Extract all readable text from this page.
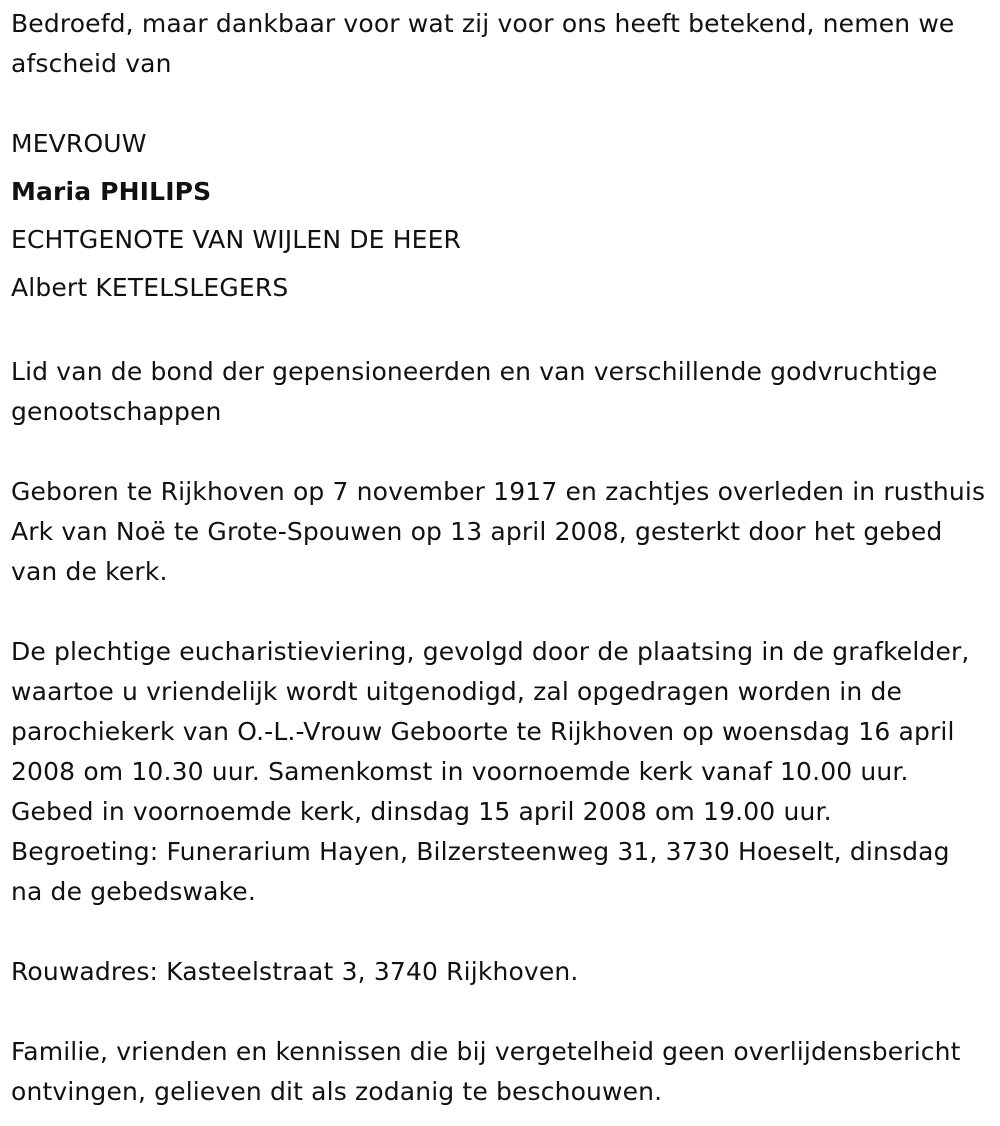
Bedroefd, maar dankbaar voor wat zij voor ons heeft betekend, nemen we afscheid van

MEVROUW

Maria PHILIPS

ECHTGENOTE VAN WIJLEN DE HEER

Albert KETELSLEGERS

Lid van de bond der gepensioneerden en van verschillende godvruchtige genootschappen

Geboren te Rijkhoven op 7 november 1917 en zachtjes overleden in rusthuis Ark van Noë te Grote-Spouwen op 13 april 2008, gesterkt door het gebed van de kerk.

De plechtige eucharistieviering, gevolgd door de plaatsing in de grafkelder, waartoe u vriendelijk wordt uitgenodigd, zal opgedragen worden in de parochiekerk van O.-L.-Vrouw Geboorte te Rijkhoven op woensdag 16 april 2008 om 10.30 uur. Samenkomst in voornoemde kerk vanaf 10.00 uur. Gebed in voornoemde kerk, dinsdag 15 april 2008 om 19.00 uur. Begroeting: Funerarium Hayen, Bilzersteenweg 31, 3730 Hoeselt, dinsdag na de gebedswake.

Rouwadres: Kasteelstraat 3, 3740 Rijkhoven.

Familie, vrienden en kennissen die bij vergetelheid geen overlijdensbericht ontvingen, gelieven dit als zodanig te beschouwen.
